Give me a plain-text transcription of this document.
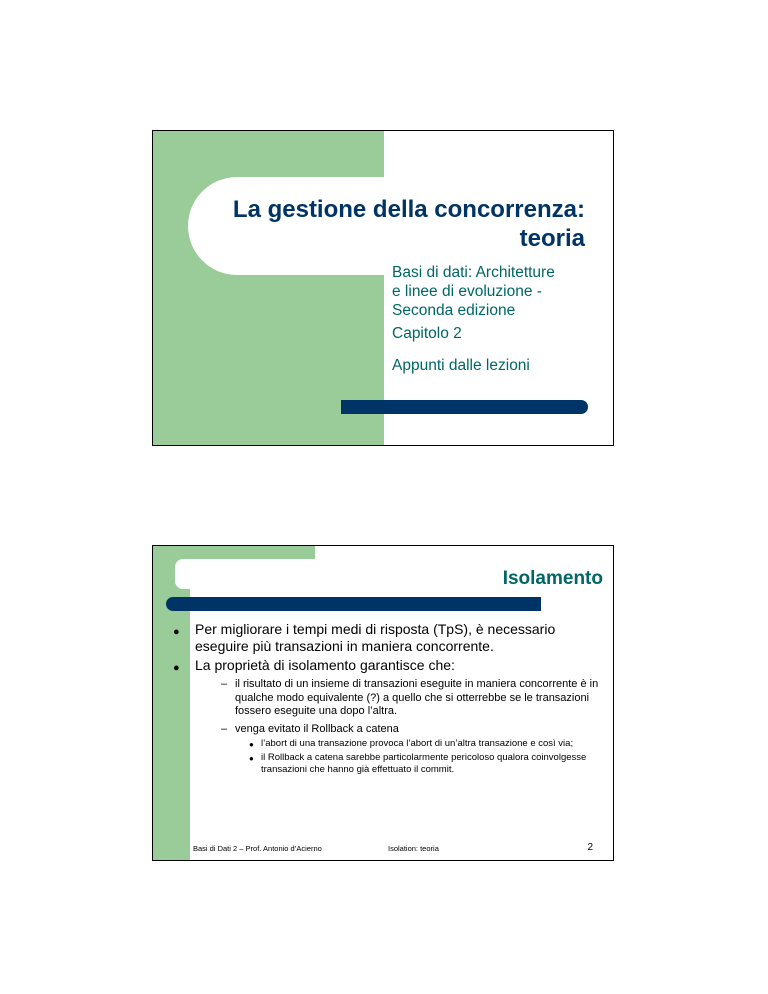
La gestione della concorrenza:
teoria
Basi di dati: Architetture
e linee di evoluzione -
Seconda edizione
Capitolo 2
Appunti dalle lezioni
Isolamento
● Per migliorare i tempi medi di risposta (TpS), è necessario eseguire più transazioni in maniera concorrente.
● La proprietà di isolamento garantisce che:
– il risultato di un insieme di transazioni eseguite in maniera concorrente è in qualche modo equivalente (?) a quello che si otterrebbe se le transazioni fossero eseguite una dopo l’altra.
– venga evitato il Rollback a catena
● l’abort di una transazione provoca l’abort di un’altra transazione e così via;
● il Rollback a catena sarebbe particolarmente pericoloso qualora coinvolgesse transazioni che hanno già effettuato il commit.
Basi di Dati 2 – Prof. Antonio d’Acierno	Isolation: teoria	2
